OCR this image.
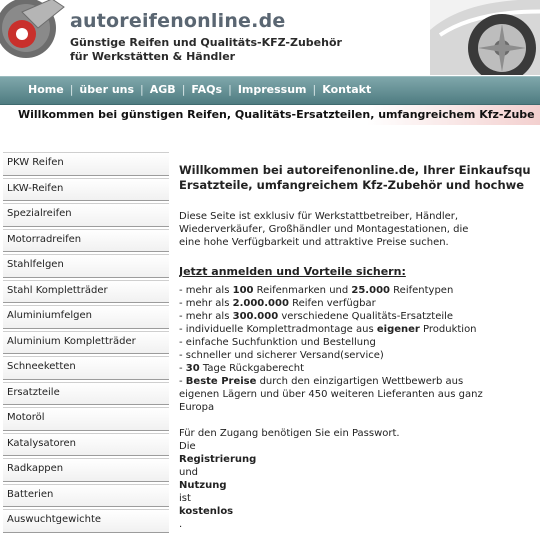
autoreifenonline.de
Günstige Reifen und Qualitäts-KFZ-Zubehör
für Werkstätten & Händler
Home | über uns | AGB | FAQs | Impressum | Kontakt
Willkommen bei günstigen Reifen, Qualitäts-Ersatzteilen, umfangreichem Kfz-Zube
PKW Reifen
LKW-Reifen
Spezialreifen
Motorradreifen
Stahlfelgen
Stahl Kompletträder
Aluminiumfelgen
Aluminium Kompletträder
Schneeketten
Ersatzteile
Motoröl
Katalysatoren
Radkappen
Batterien
Auswuchtgewichte
Willkommen bei autoreifenonline.de, Ihrer Einkaufsqu
Ersatzteile, umfangreichem Kfz-Zubehör und hochwe
Diese Seite ist exklusiv für Werkstattbetreiber, Händler,
Wiederverkäufer, Großhändler und Montagestationen, die
eine hohe Verfügbarkeit und attraktive Preise suchen.
Jetzt anmelden und Vorteile sichern:
- mehr als 100 Reifenmarken und 25.000 Reifentypen
- mehr als 2.000.000 Reifen verfügbar
- mehr als 300.000 verschiedene Qualitäts-Ersatzteile
- individuelle Komplettradmontage aus eigener Produktion
- einfache Suchfunktion und Bestellung
- schneller und sicherer Versand(service)
- 30 Tage Rückgaberecht
- Beste Preise durch den einzigartigen Wettbewerb aus
eigenen Lägern und über 450 weiteren Lieferanten aus ganz
Europa
Für den Zugang benötigen Sie ein Passwort.
Die
Registrierung
und
Nutzung
ist
kostenlos
.
